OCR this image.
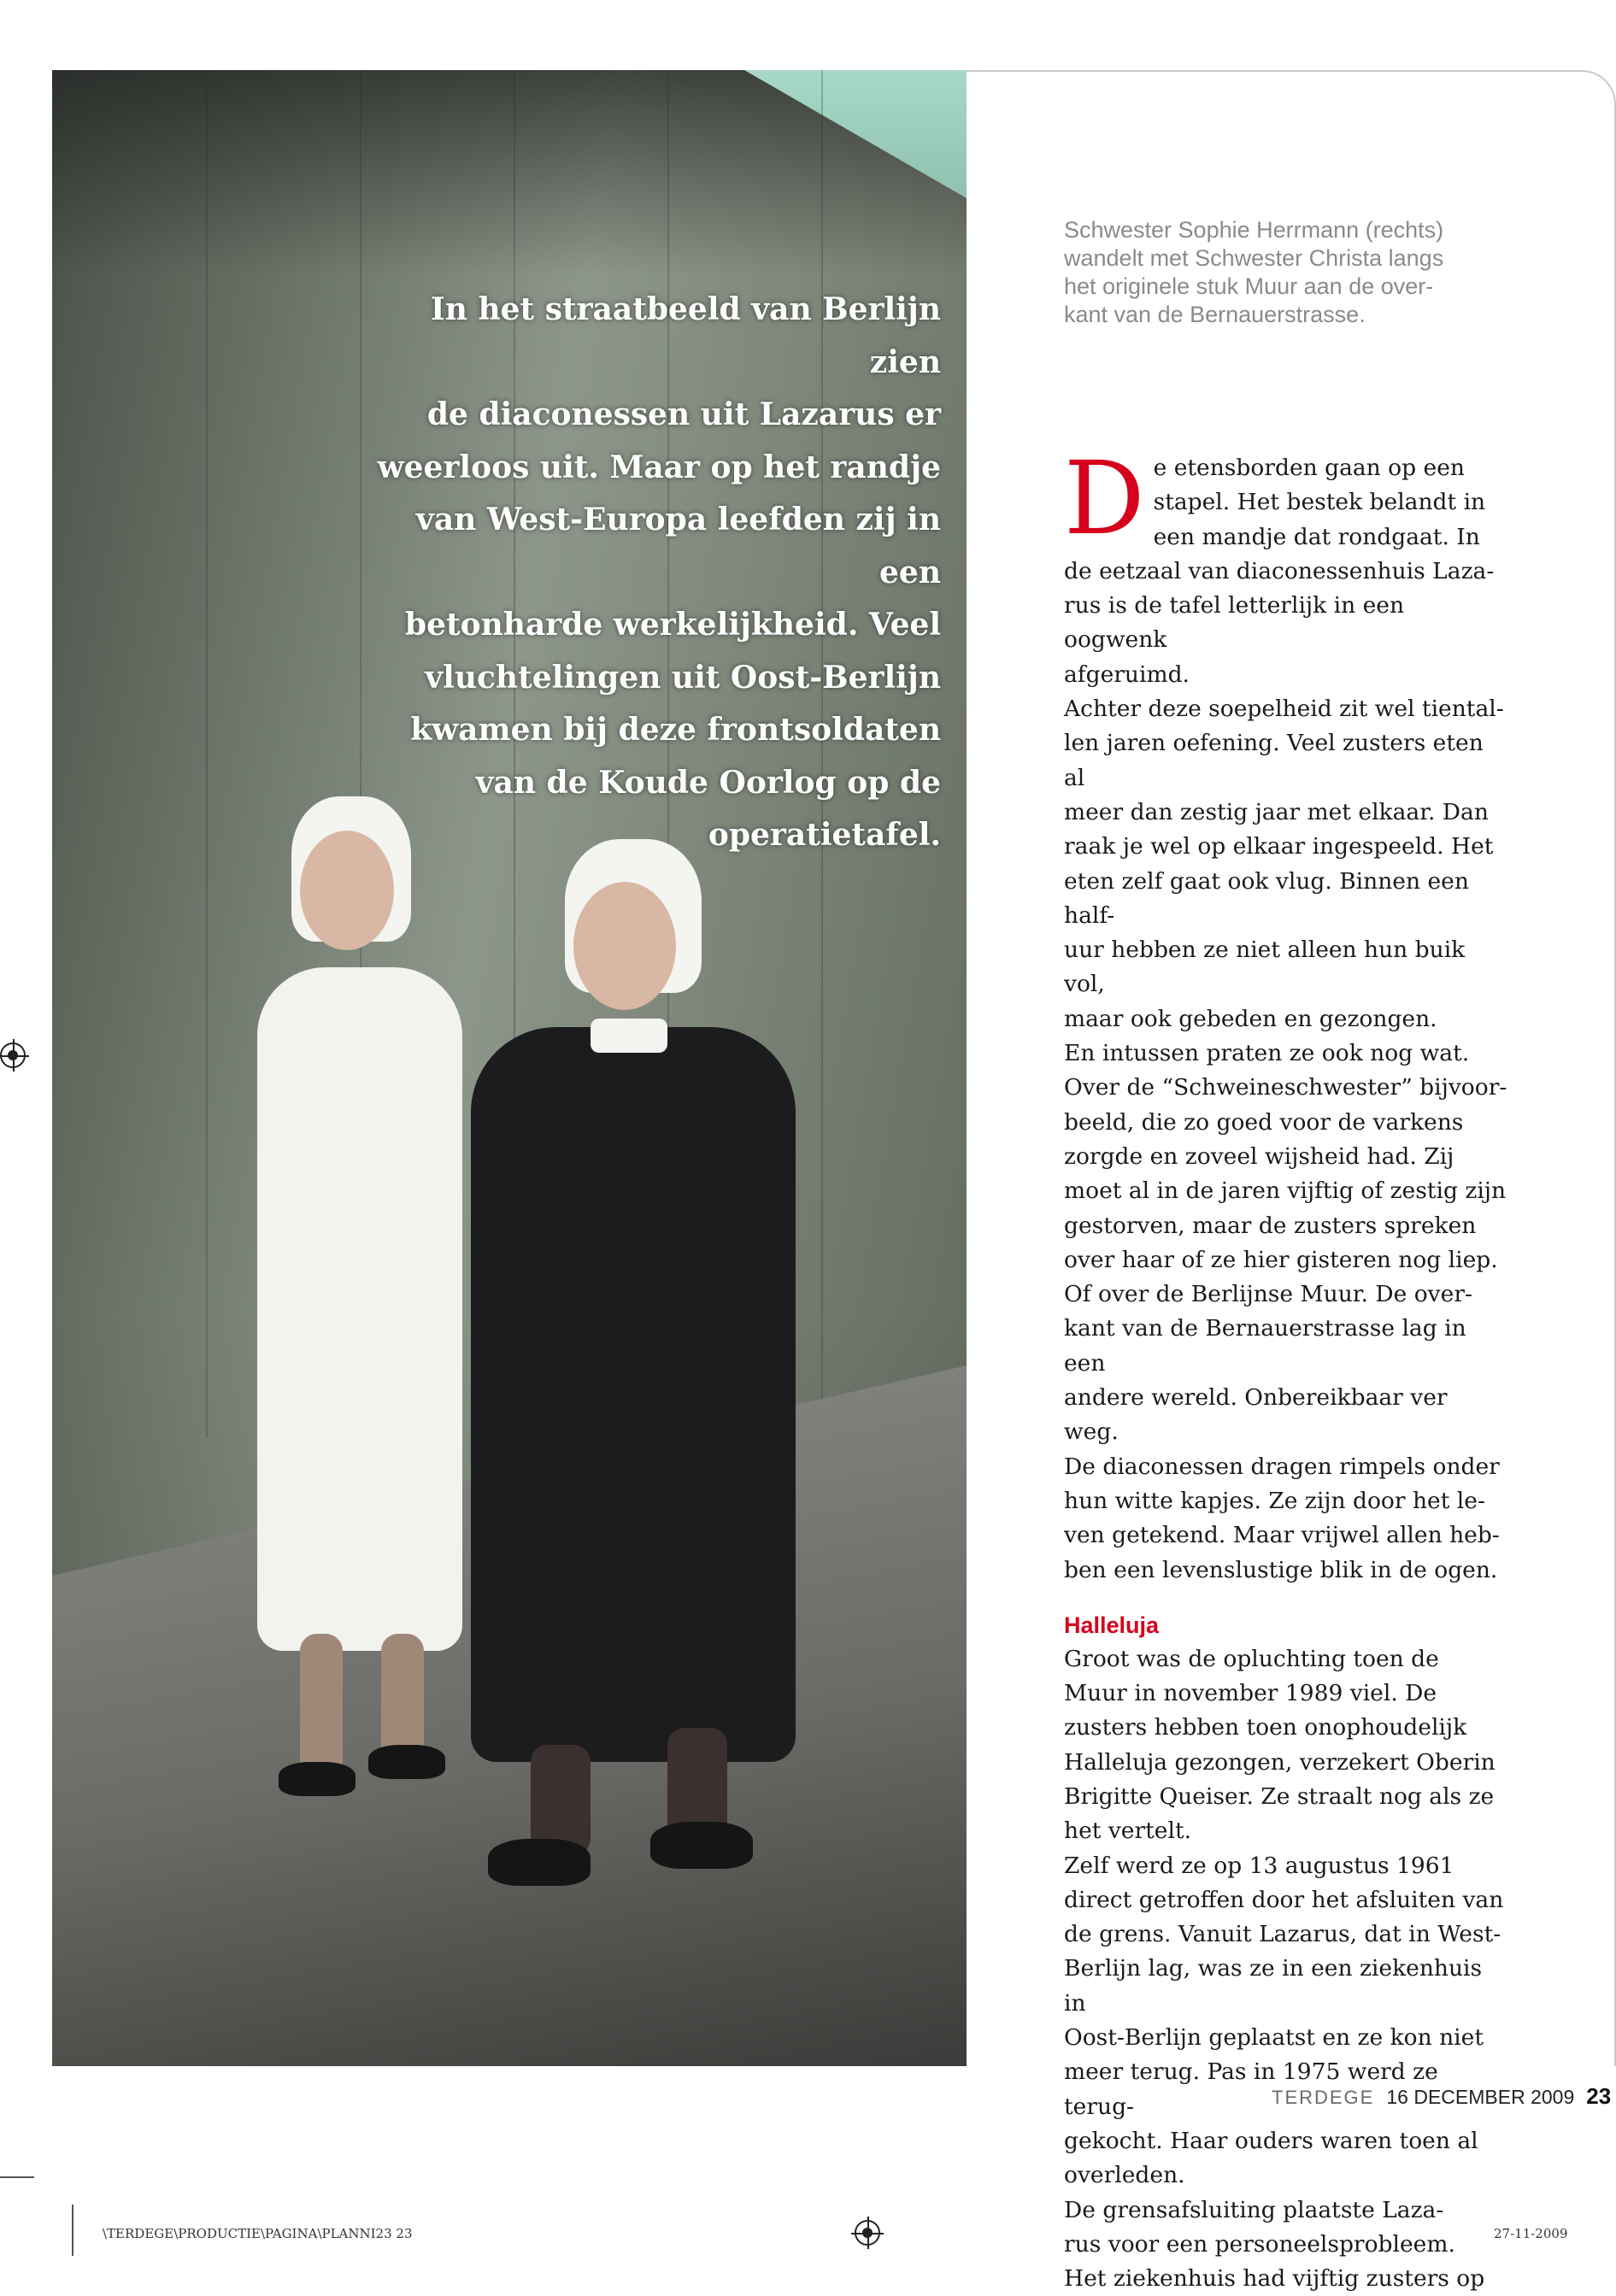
In het straatbeeld van Berlijn zien
de diaconessen uit Lazarus er
weerloos uit. Maar op het randje
van West-Europa leefden zij in een
betonharde werkelijkheid. Veel
vluchtelingen uit Oost-Berlijn
kwamen bij deze frontsoldaten
van de Koude Oorlog op de
operatietafel.

Schwester Sophie Herrmann (rechts)
wandelt met Schwester Christa langs
het originele stuk Muur aan de over-
kant van de Bernauerstrasse.

D e etensborden gaan op een
stapel. Het bestek belandt in
een mandje dat rondgaat. In
de eetzaal van diaconessenhuis Laza-
rus is de tafel letterlijk in een oogwenk
afgeruimd.

Achter deze soepelheid zit wel tiental-
len jaren oefening. Veel zusters eten al
meer dan zestig jaar met elkaar. Dan
raak je wel op elkaar ingespeeld. Het
eten zelf gaat ook vlug. Binnen een half-
uur hebben ze niet alleen hun buik vol,
maar ook gebeden en gezongen.

En intussen praten ze ook nog wat.
Over de “Schweineschwester” bijvoor-
beeld, die zo goed voor de varkens
zorgde en zoveel wijsheid had. Zij
moet al in de jaren vijftig of zestig zijn
gestorven, maar de zusters spreken
over haar of ze hier gisteren nog liep.
Of over de Berlijnse Muur. De over-
kant van de Bernauerstrasse lag in een
andere wereld. Onbereikbaar ver weg.
De diaconessen dragen rimpels onder
hun witte kapjes. Ze zijn door het le-
ven getekend. Maar vrijwel allen heb-
ben een levenslustige blik in de ogen.

Halleluja

Groot was de opluchting toen de
Muur in november 1989 viel. De
zusters hebben toen onophoudelijk
Halleluja gezongen, verzekert Oberin
Brigitte Queiser. Ze straalt nog als ze
het vertelt.

Zelf werd ze op 13 augustus 1961
direct getroffen door het afsluiten van
de grens. Vanuit Lazarus, dat in West-
Berlijn lag, was ze in een ziekenhuis in
Oost-Berlijn geplaatst en ze kon niet
meer terug. Pas in 1975 werd ze terug-
gekocht. Haar ouders waren toen al
overleden.

De grensafsluiting plaatste Laza-
rus voor een personeelsprobleem.
Het ziekenhuis had vijftig zusters op

TERDEGE 16 DECEMBER 2009 23
\TERDEGE\PRODUCTIE\PAGINA\PLANNI23 23	27-11-2009
